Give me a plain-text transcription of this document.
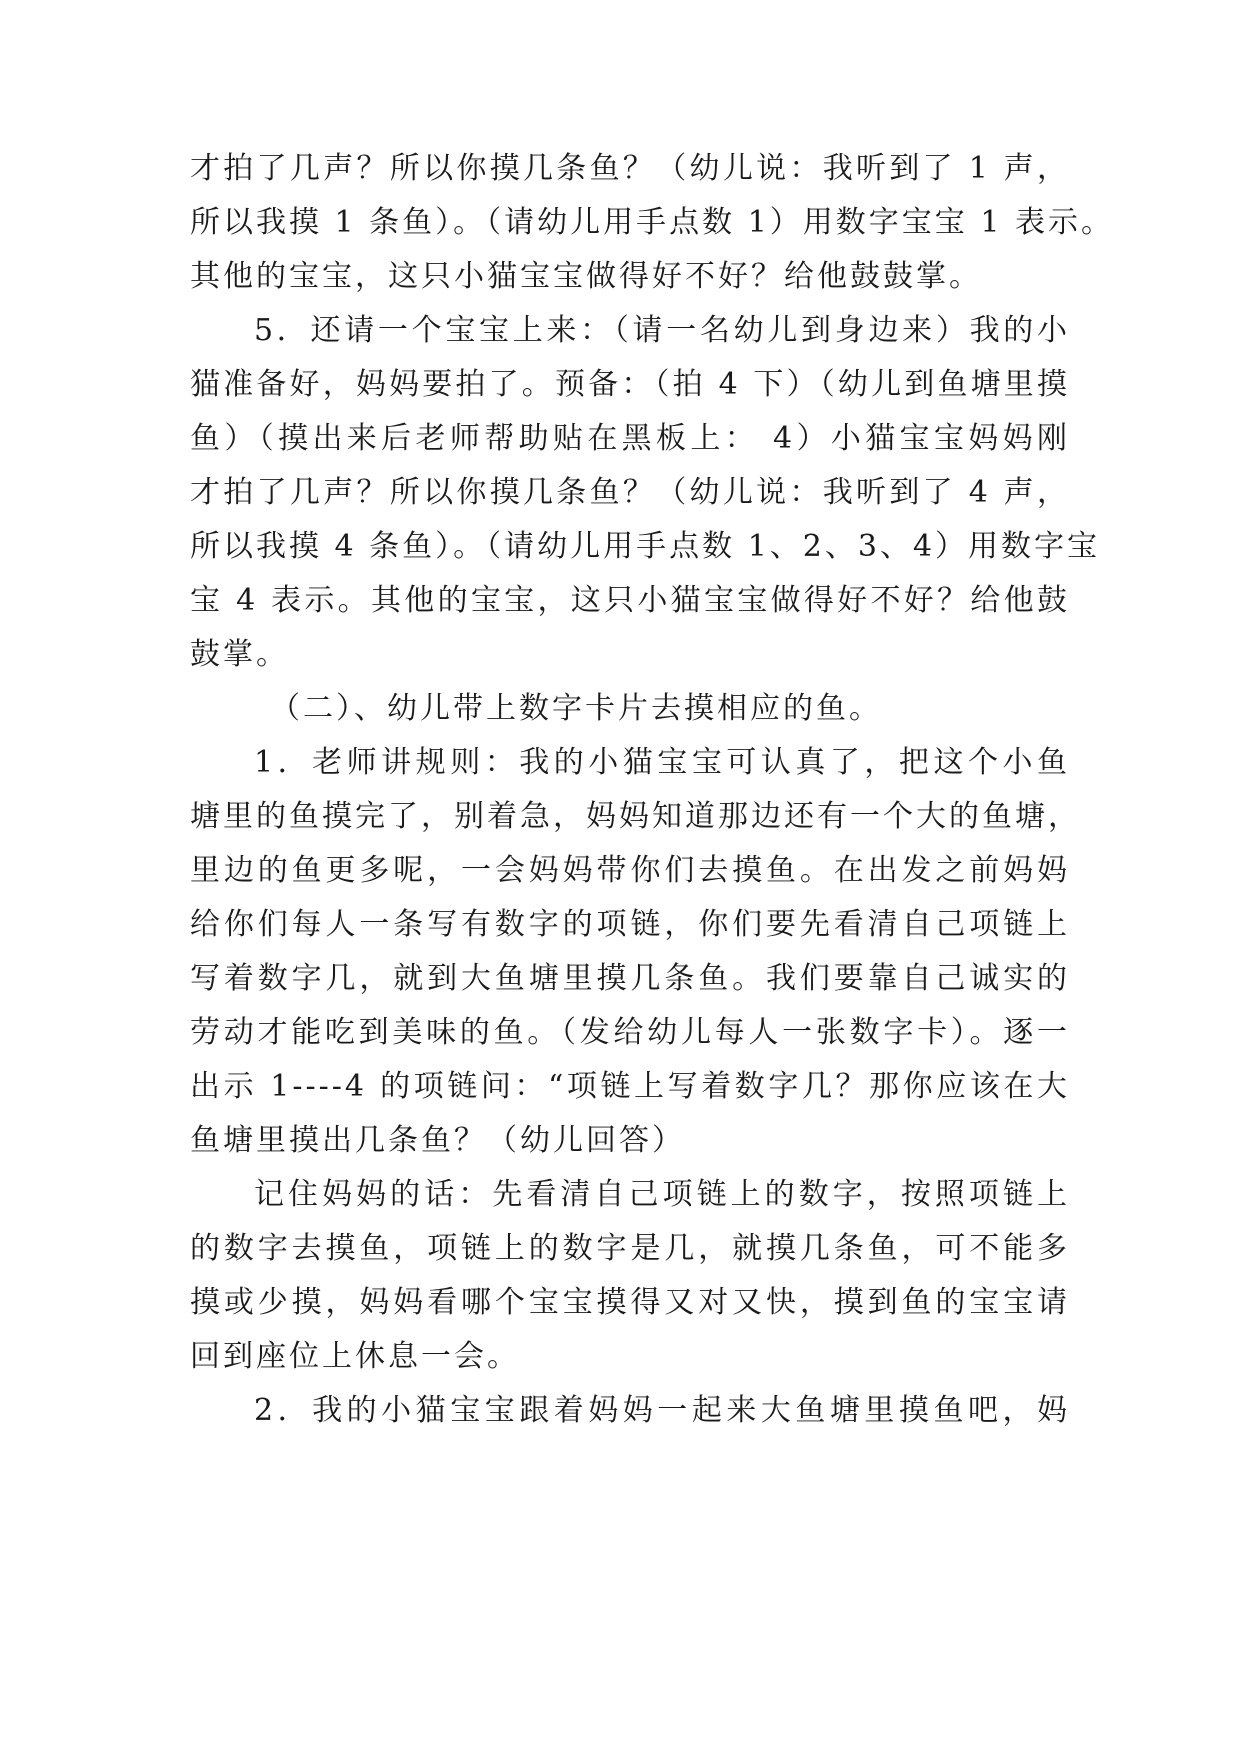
才拍了几声？所以你摸几条鱼？（幼儿说：我听到了 1 声，
所以我摸 1 条鱼）。（请幼儿用手点数 1）用数字宝宝 1 表示。
其他的宝宝，这只小猫宝宝做得好不好？给他鼓鼓掌。
5．还请一个宝宝上来：（请一名幼儿到身边来）我的小
猫准备好，妈妈要拍了。预备：（拍 4 下）（幼儿到鱼塘里摸
鱼）（摸出来后老师帮助贴在黑板上： 4）小猫宝宝妈妈刚
才拍了几声？所以你摸几条鱼？（幼儿说：我听到了 4 声，
所以我摸 4 条鱼）。（请幼儿用手点数 1、2、3、4）用数字宝
宝 4 表示。其他的宝宝，这只小猫宝宝做得好不好？给他鼓
鼓掌。
（二）、幼儿带上数字卡片去摸相应的鱼。
1．老师讲规则：我的小猫宝宝可认真了，把这个小鱼
塘里的鱼摸完了，别着急，妈妈知道那边还有一个大的鱼塘，
里边的鱼更多呢，一会妈妈带你们去摸鱼。在出发之前妈妈
给你们每人一条写有数字的项链，你们要先看清自己项链上
写着数字几，就到大鱼塘里摸几条鱼。我们要靠自己诚实的
劳动才能吃到美味的鱼。（发给幼儿每人一张数字卡）。逐一
出示 1----4 的项链问：“项链上写着数字几？那你应该在大
鱼塘里摸出几条鱼？（幼儿回答）
记住妈妈的话：先看清自己项链上的数字，按照项链上
的数字去摸鱼，项链上的数字是几，就摸几条鱼，可不能多
摸或少摸，妈妈看哪个宝宝摸得又对又快，摸到鱼的宝宝请
回到座位上休息一会。
2．我的小猫宝宝跟着妈妈一起来大鱼塘里摸鱼吧，妈
